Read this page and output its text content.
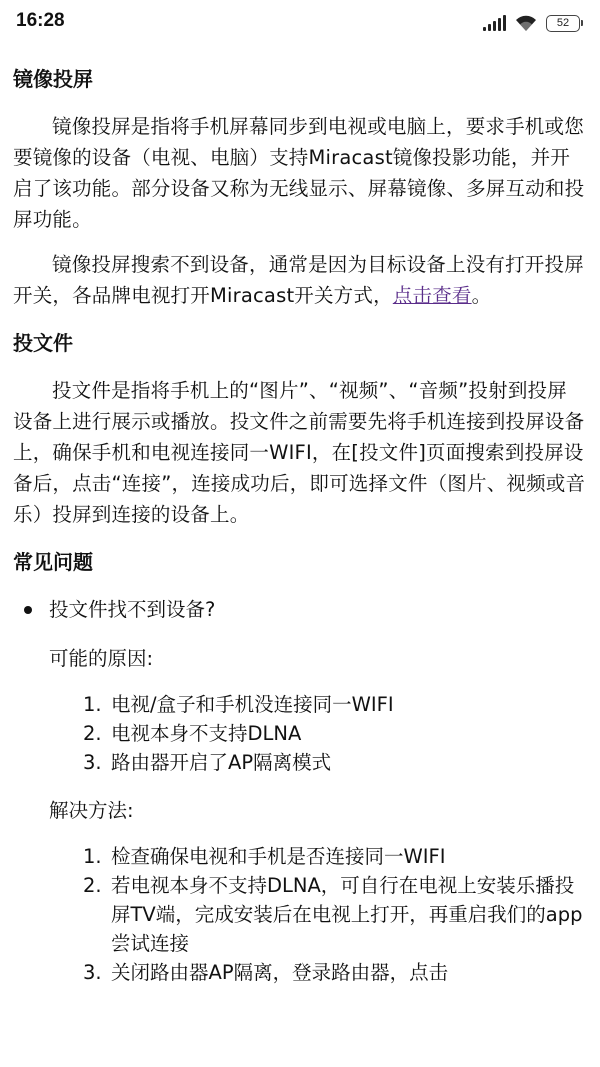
16:28	52
镜像投屏

镜像投屏是指将手机屏幕同步到电视或电脑上，要求手机或您要镜像的设备（电视、电脑）支持Miracast镜像投影功能，并开启了该功能。部分设备又称为无线显示、屏幕镜像、多屏互动和投屏功能。

镜像投屏搜索不到设备，通常是因为目标设备上没有打开投屏开关，各品牌电视打开Miracast开关方式，点击查看。

投文件

投文件是指将手机上的“图片”、“视频”、“音频”投射到投屏设备上进行展示或播放。投文件之前需要先将手机连接到投屏设备上，确保手机和电视连接同一WIFI，在[投文件]页面搜索到投屏设备后，点击“连接”，连接成功后，即可选择文件（图片、视频或音乐）投屏到连接的设备上。

常见问题
投文件找不到设备?
可能的原因:
1. 电视/盒子和手机没连接同一WIFI
2. 电视本身不支持DLNA
3. 路由器开启了AP隔离模式
解决方法:
1. 检查确保电视和手机是否连接同一WIFI
2. 若电视本身不支持DLNA，可自行在电视上安装乐播投屏TV端，完成安装后在电视上打开，再重启我们的app尝试连接
3. 关闭路由器AP隔离，登录路由器，点击
